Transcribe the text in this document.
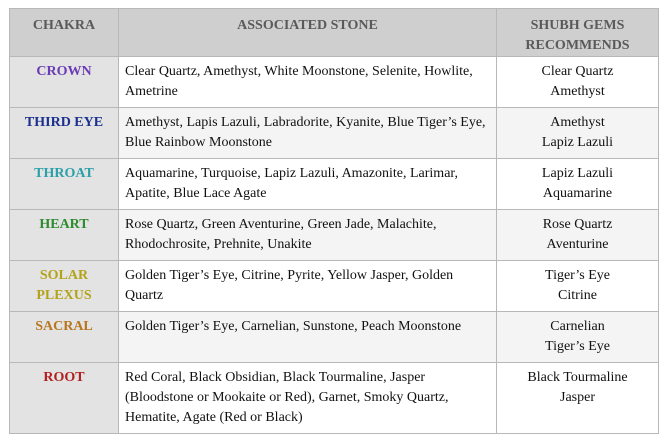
CHAKRA	ASSOCIATED STONE	SHUBH GEMS
RECOMMENDS

CROWN	Clear Quartz, Amethyst, White Moonstone, Selenite, Howlite, Ametrine	Clear Quartz
Amethyst

THIRD EYE	Amethyst, Lapis Lazuli, Labradorite, Kyanite, Blue Tiger’s Eye, Blue Rainbow Moonstone	Amethyst
Lapiz Lazuli

THROAT	Aquamarine, Turquoise, Lapiz Lazuli, Amazonite, Larimar, Apatite, Blue Lace Agate	Lapiz Lazuli
Aquamarine

HEART	Rose Quartz, Green Aventurine, Green Jade, Malachite, Rhodochrosite, Prehnite, Unakite	Rose Quartz
Aventurine

SOLAR
PLEXUS	Golden Tiger’s Eye, Citrine, Pyrite, Yellow Jasper, Golden Quartz	Tiger’s Eye
Citrine

SACRAL	Golden Tiger’s Eye, Carnelian, Sunstone, Peach Moonstone	Carnelian
Tiger’s Eye

ROOT	Red Coral, Black Obsidian, Black Tourmaline, Jasper (Bloodstone or Mookaite or Red), Garnet, Smoky Quartz, Hematite, Agate (Red or Black)	Black Tourmaline
Jasper
